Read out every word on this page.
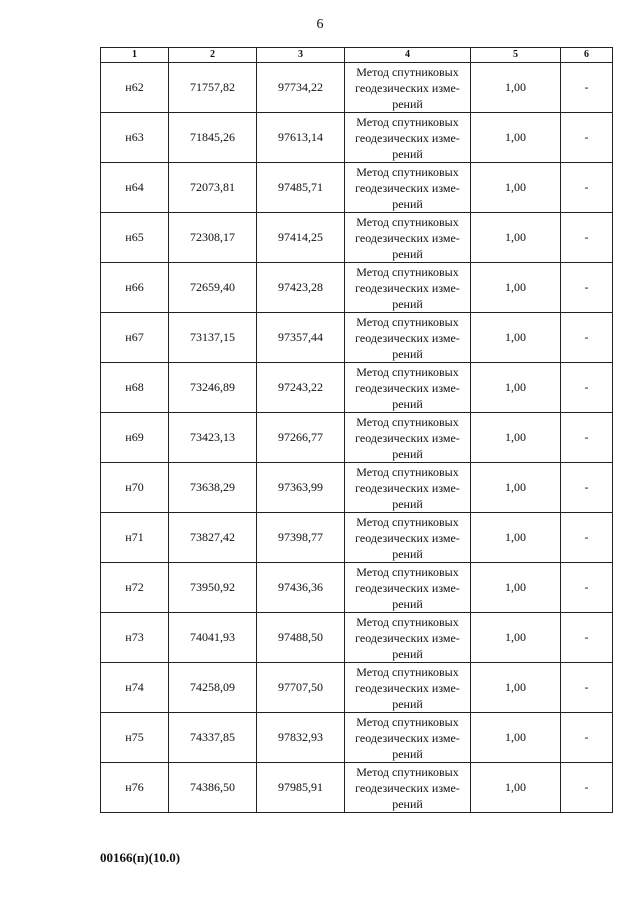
6
1	2	3	4	5	6
н62	71757,82	97734,22	Метод спутниковых
геодезических изме-
рений	1,00	-
н63	71845,26	97613,14	Метод спутниковых
геодезических изме-
рений	1,00	-
н64	72073,81	97485,71	Метод спутниковых
геодезических изме-
рений	1,00	-
н65	72308,17	97414,25	Метод спутниковых
геодезических изме-
рений	1,00	-
н66	72659,40	97423,28	Метод спутниковых
геодезических изме-
рений	1,00	-
н67	73137,15	97357,44	Метод спутниковых
геодезических изме-
рений	1,00	-
н68	73246,89	97243,22	Метод спутниковых
геодезических изме-
рений	1,00	-
н69	73423,13	97266,77	Метод спутниковых
геодезических изме-
рений	1,00	-
н70	73638,29	97363,99	Метод спутниковых
геодезических изме-
рений	1,00	-
н71	73827,42	97398,77	Метод спутниковых
геодезических изме-
рений	1,00	-
н72	73950,92	97436,36	Метод спутниковых
геодезических изме-
рений	1,00	-
н73	74041,93	97488,50	Метод спутниковых
геодезических изме-
рений	1,00	-
н74	74258,09	97707,50	Метод спутниковых
геодезических изме-
рений	1,00	-
н75	74337,85	97832,93	Метод спутниковых
геодезических изме-
рений	1,00	-
н76	74386,50	97985,91	Метод спутниковых
геодезических изме-
рений	1,00	-
00166(п)(10.0)
